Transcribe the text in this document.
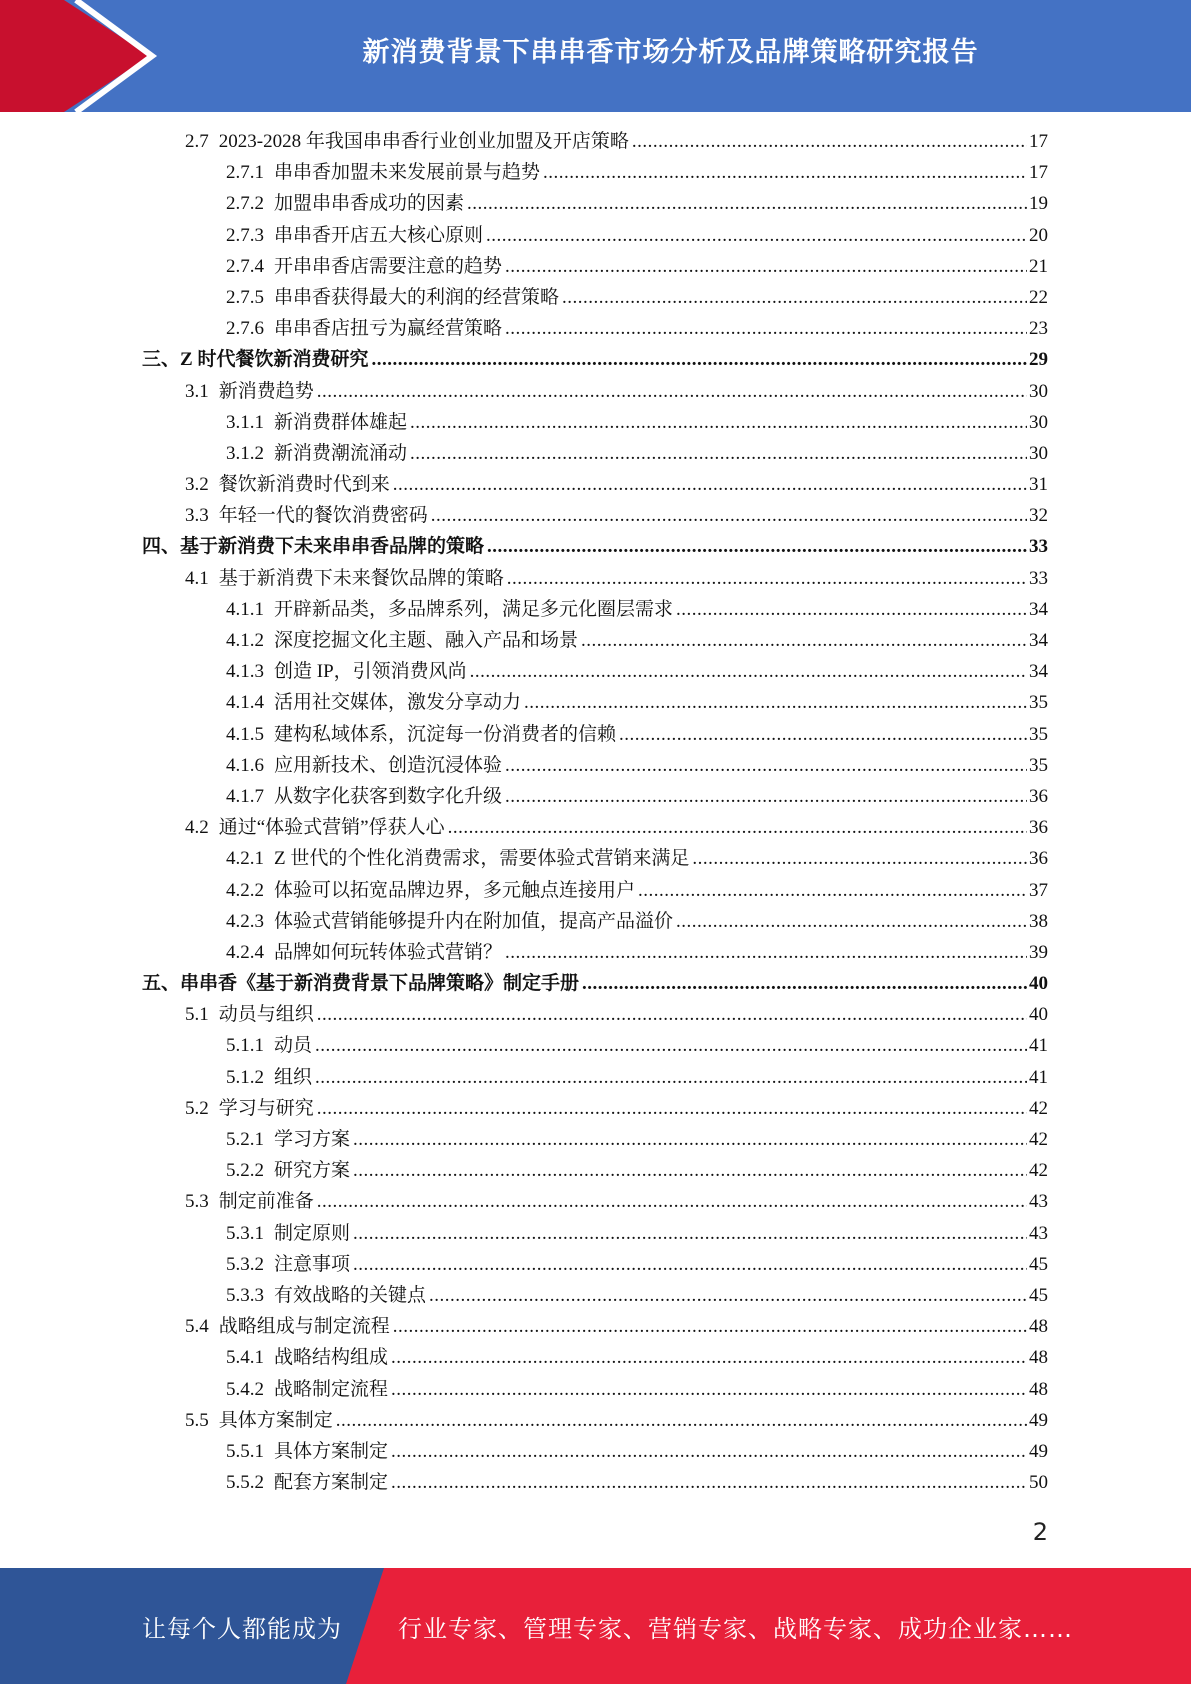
新消费背景下串串香市场分析及品牌策略研究报告
2.7 2023-2028 年我国串串香行业创业加盟及开店策略 .....	17
2.7.1 串串香加盟未来发展前景与趋势 .....	17
2.7.2 加盟串串香成功的因素 .....	19
2.7.3 串串香开店五大核心原则 .....	20
2.7.4 开串串香店需要注意的趋势 .....	21
2.7.5 串串香获得最大的利润的经营策略 .....	22
2.7.6 串串香店扭亏为赢经营策略 .....	23
三、Z 时代餐饮新消费研究 .....	29
3.1 新消费趋势 .....	30
3.1.1 新消费群体雄起 .....	30
3.1.2 新消费潮流涌动 .....	30
3.2 餐饮新消费时代到来 .....	31
3.3 年轻一代的餐饮消费密码 .....	32
四、基于新消费下未来串串香品牌的策略 .....	33
4.1 基于新消费下未来餐饮品牌的策略 .....	33
4.1.1 开辟新品类，多品牌系列，满足多元化圈层需求 .....	34
4.1.2 深度挖掘文化主题、融入产品和场景 .....	34
4.1.3 创造 IP，引领消费风尚 .....	34
4.1.4 活用社交媒体，激发分享动力 .....	35
4.1.5 建构私域体系，沉淀每一份消费者的信赖 .....	35
4.1.6 应用新技术、创造沉浸体验 .....	35
4.1.7 从数字化获客到数字化升级 .....	36
4.2 通过“体验式营销”俘获人心 .....	36
4.2.1 Z 世代的个性化消费需求，需要体验式营销来满足 .....	36
4.2.2 体验可以拓宽品牌边界，多元触点连接用户 .....	37
4.2.3 体验式营销能够提升内在附加值，提高产品溢价 .....	38
4.2.4 品牌如何玩转体验式营销？ .....	39
五、串串香《基于新消费背景下品牌策略》制定手册 .....	40
5.1 动员与组织 .....	40
5.1.1 动员 .....	41
5.1.2 组织 .....	41
5.2 学习与研究 .....	42
5.2.1 学习方案 .....	42
5.2.2 研究方案 .....	42
5.3 制定前准备 .....	43
5.3.1 制定原则 .....	43
5.3.2 注意事项 .....	45
5.3.3 有效战略的关键点 .....	45
5.4 战略组成与制定流程 .....	48
5.4.1 战略结构组成 .....	48
5.4.2 战略制定流程 .....	48
5.5 具体方案制定 .....	49
5.5.1 具体方案制定 .....	49
5.5.2 配套方案制定 .....	50
2
让每个人都能成为 行业专家、管理专家、营销专家、战略专家、成功企业家……
